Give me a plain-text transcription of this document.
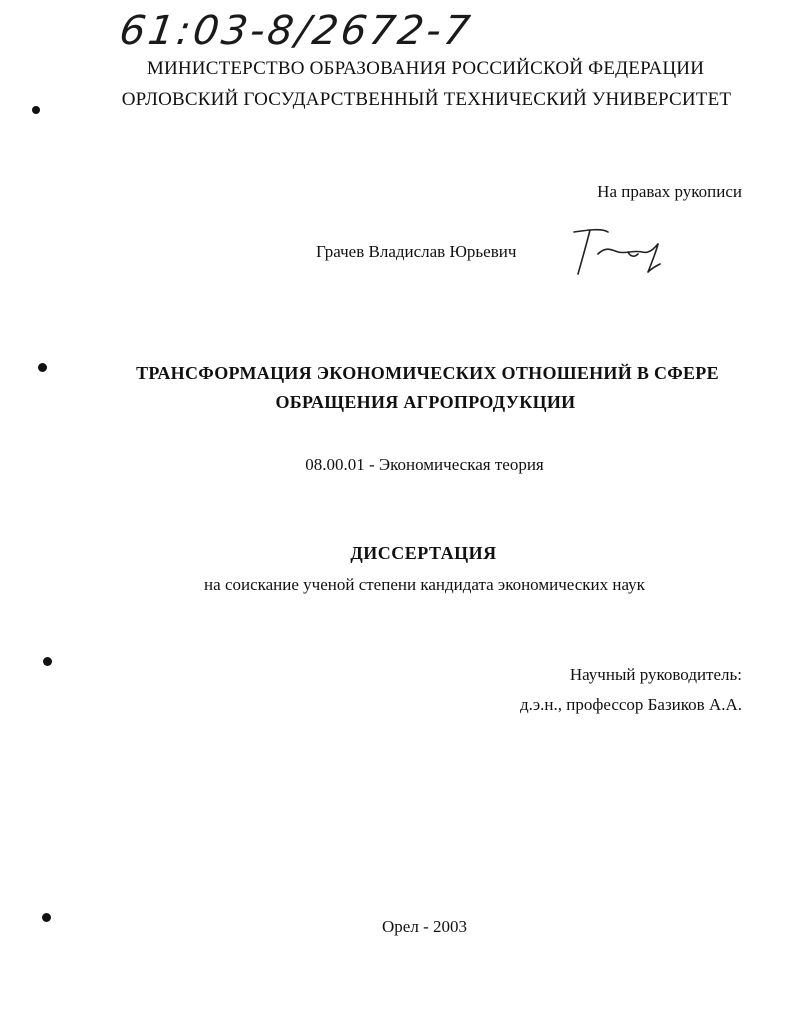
61:03-8/2672-7
МИНИСТЕРСТВО ОБРАЗОВАНИЯ РОССИЙСКОЙ ФЕДЕРАЦИИ
ОРЛОВСКИЙ ГОСУДАРСТВЕННЫЙ ТЕХНИЧЕСКИЙ УНИВЕРСИТЕТ
На правах рукописи
Грачев Владислав Юрьевич
ТРАНСФОРМАЦИЯ ЭКОНОМИЧЕСКИХ ОТНОШЕНИЙ В СФЕРЕ
ОБРАЩЕНИЯ АГРОПРОДУКЦИИ
08.00.01 - Экономическая теория
ДИССЕРТАЦИЯ
на соискание ученой степени кандидата экономических наук
Научный руководитель:
д.э.н., профессор Базиков А.А.
Орел - 2003
